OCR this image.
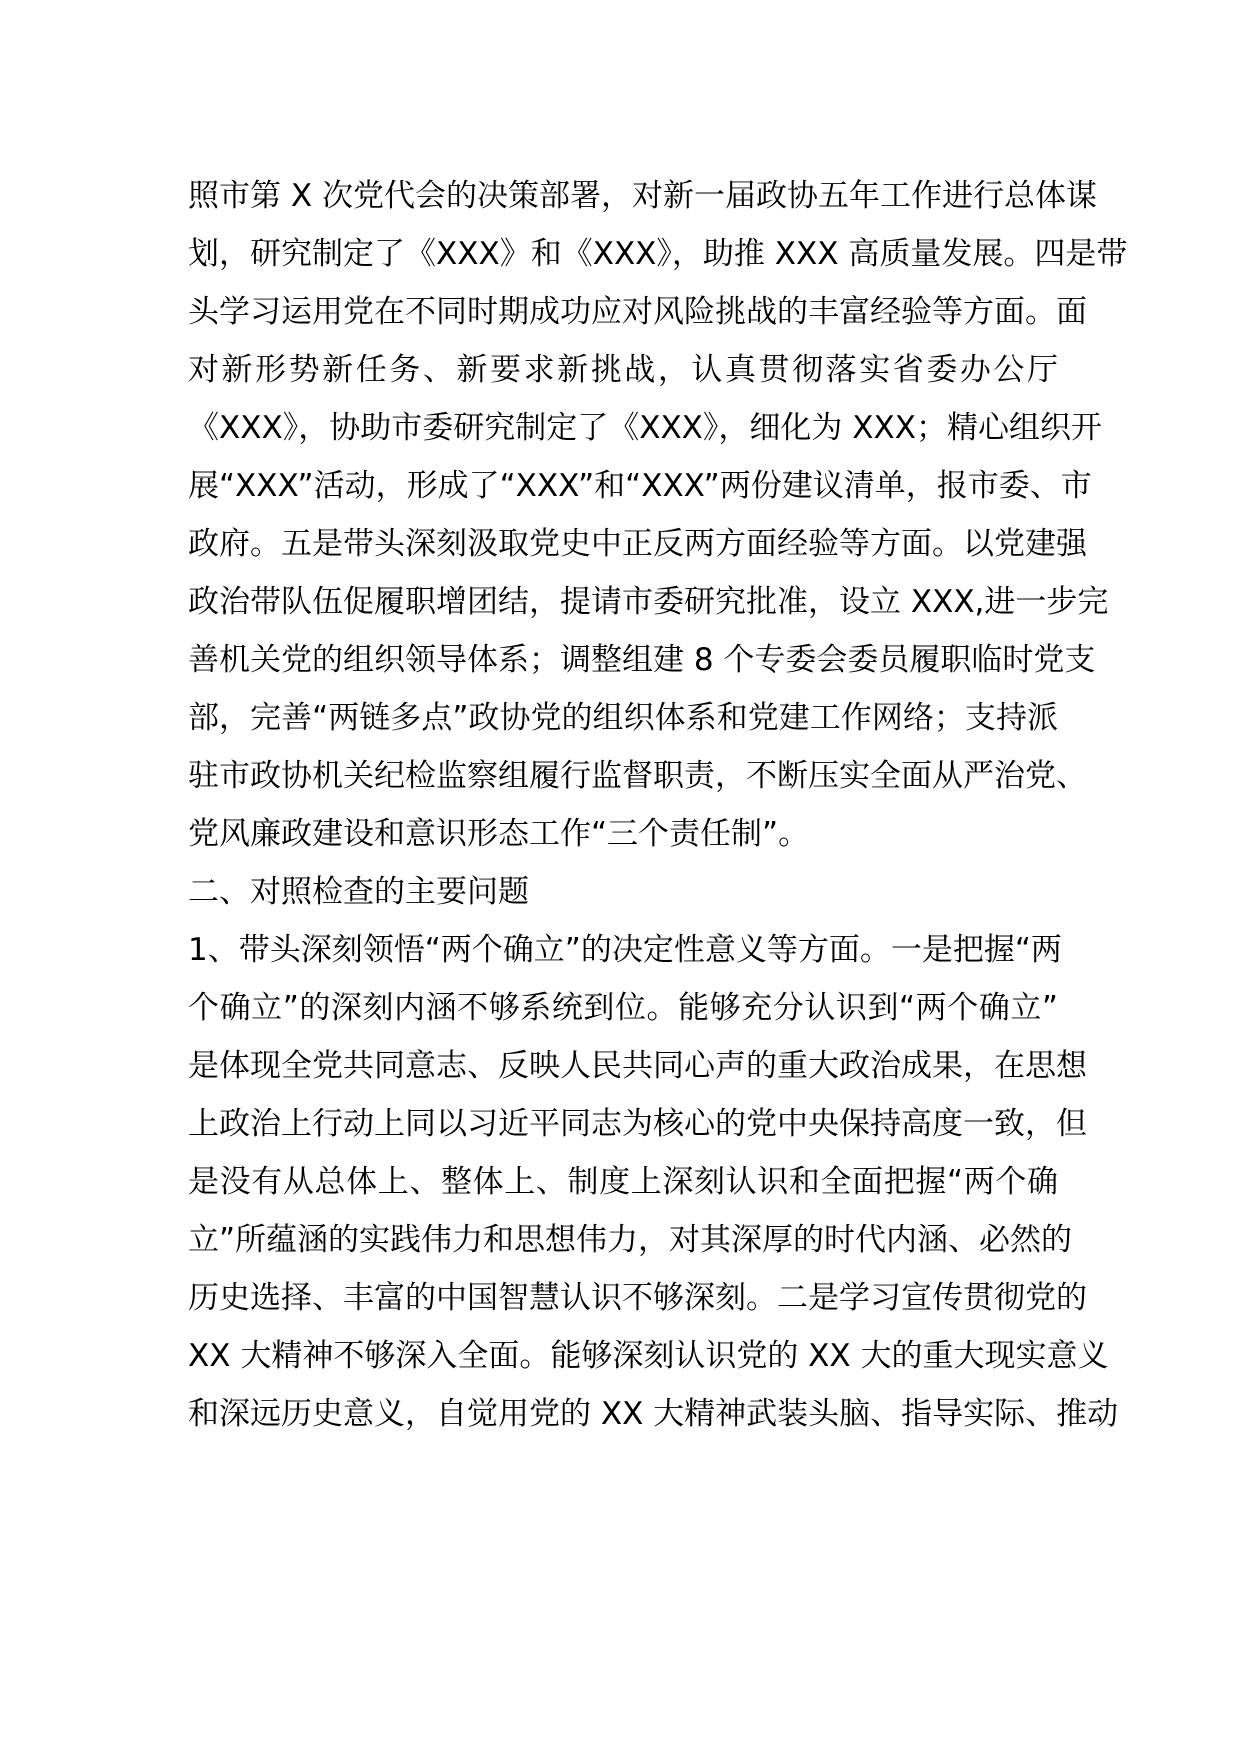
照市第 X 次党代会的决策部署，对新一届政协五年工作进行总体谋
划，研究制定了《XXX》和《XXX》，助推 XXX 高质量发展。四是带
头学习运用党在不同时期成功应对风险挑战的丰富经验等方面。面
对新形势新任务、新要求新挑战，认真贯彻落实省委办公厅
《XXX》，协助市委研究制定了《XXX》，细化为 XXX；精心组织开
展“XXX”活动，形成了“XXX”和“XXX”两份建议清单，报市委、市
政府。五是带头深刻汲取党史中正反两方面经验等方面。以党建强
政治带队伍促履职增团结，提请市委研究批准，设立 XXX,进一步完
善机关党的组织领导体系；调整组建 8 个专委会委员履职临时党支
部，完善“两链多点”政协党的组织体系和党建工作网络；支持派
驻市政协机关纪检监察组履行监督职责，不断压实全面从严治党、
党风廉政建设和意识形态工作“三个责任制”。
二、对照检查的主要问题
1、带头深刻领悟“两个确立”的决定性意义等方面。一是把握“两
个确立”的深刻内涵不够系统到位。能够充分认识到“两个确立”
是体现全党共同意志、反映人民共同心声的重大政治成果，在思想
上政治上行动上同以习近平同志为核心的党中央保持高度一致，但
是没有从总体上、整体上、制度上深刻认识和全面把握“两个确
立”所蕴涵的实践伟力和思想伟力，对其深厚的时代内涵、必然的
历史选择、丰富的中国智慧认识不够深刻。二是学习宣传贯彻党的
XX 大精神不够深入全面。能够深刻认识党的 XX 大的重大现实意义
和深远历史意义，自觉用党的 XX 大精神武装头脑、指导实际、推动
